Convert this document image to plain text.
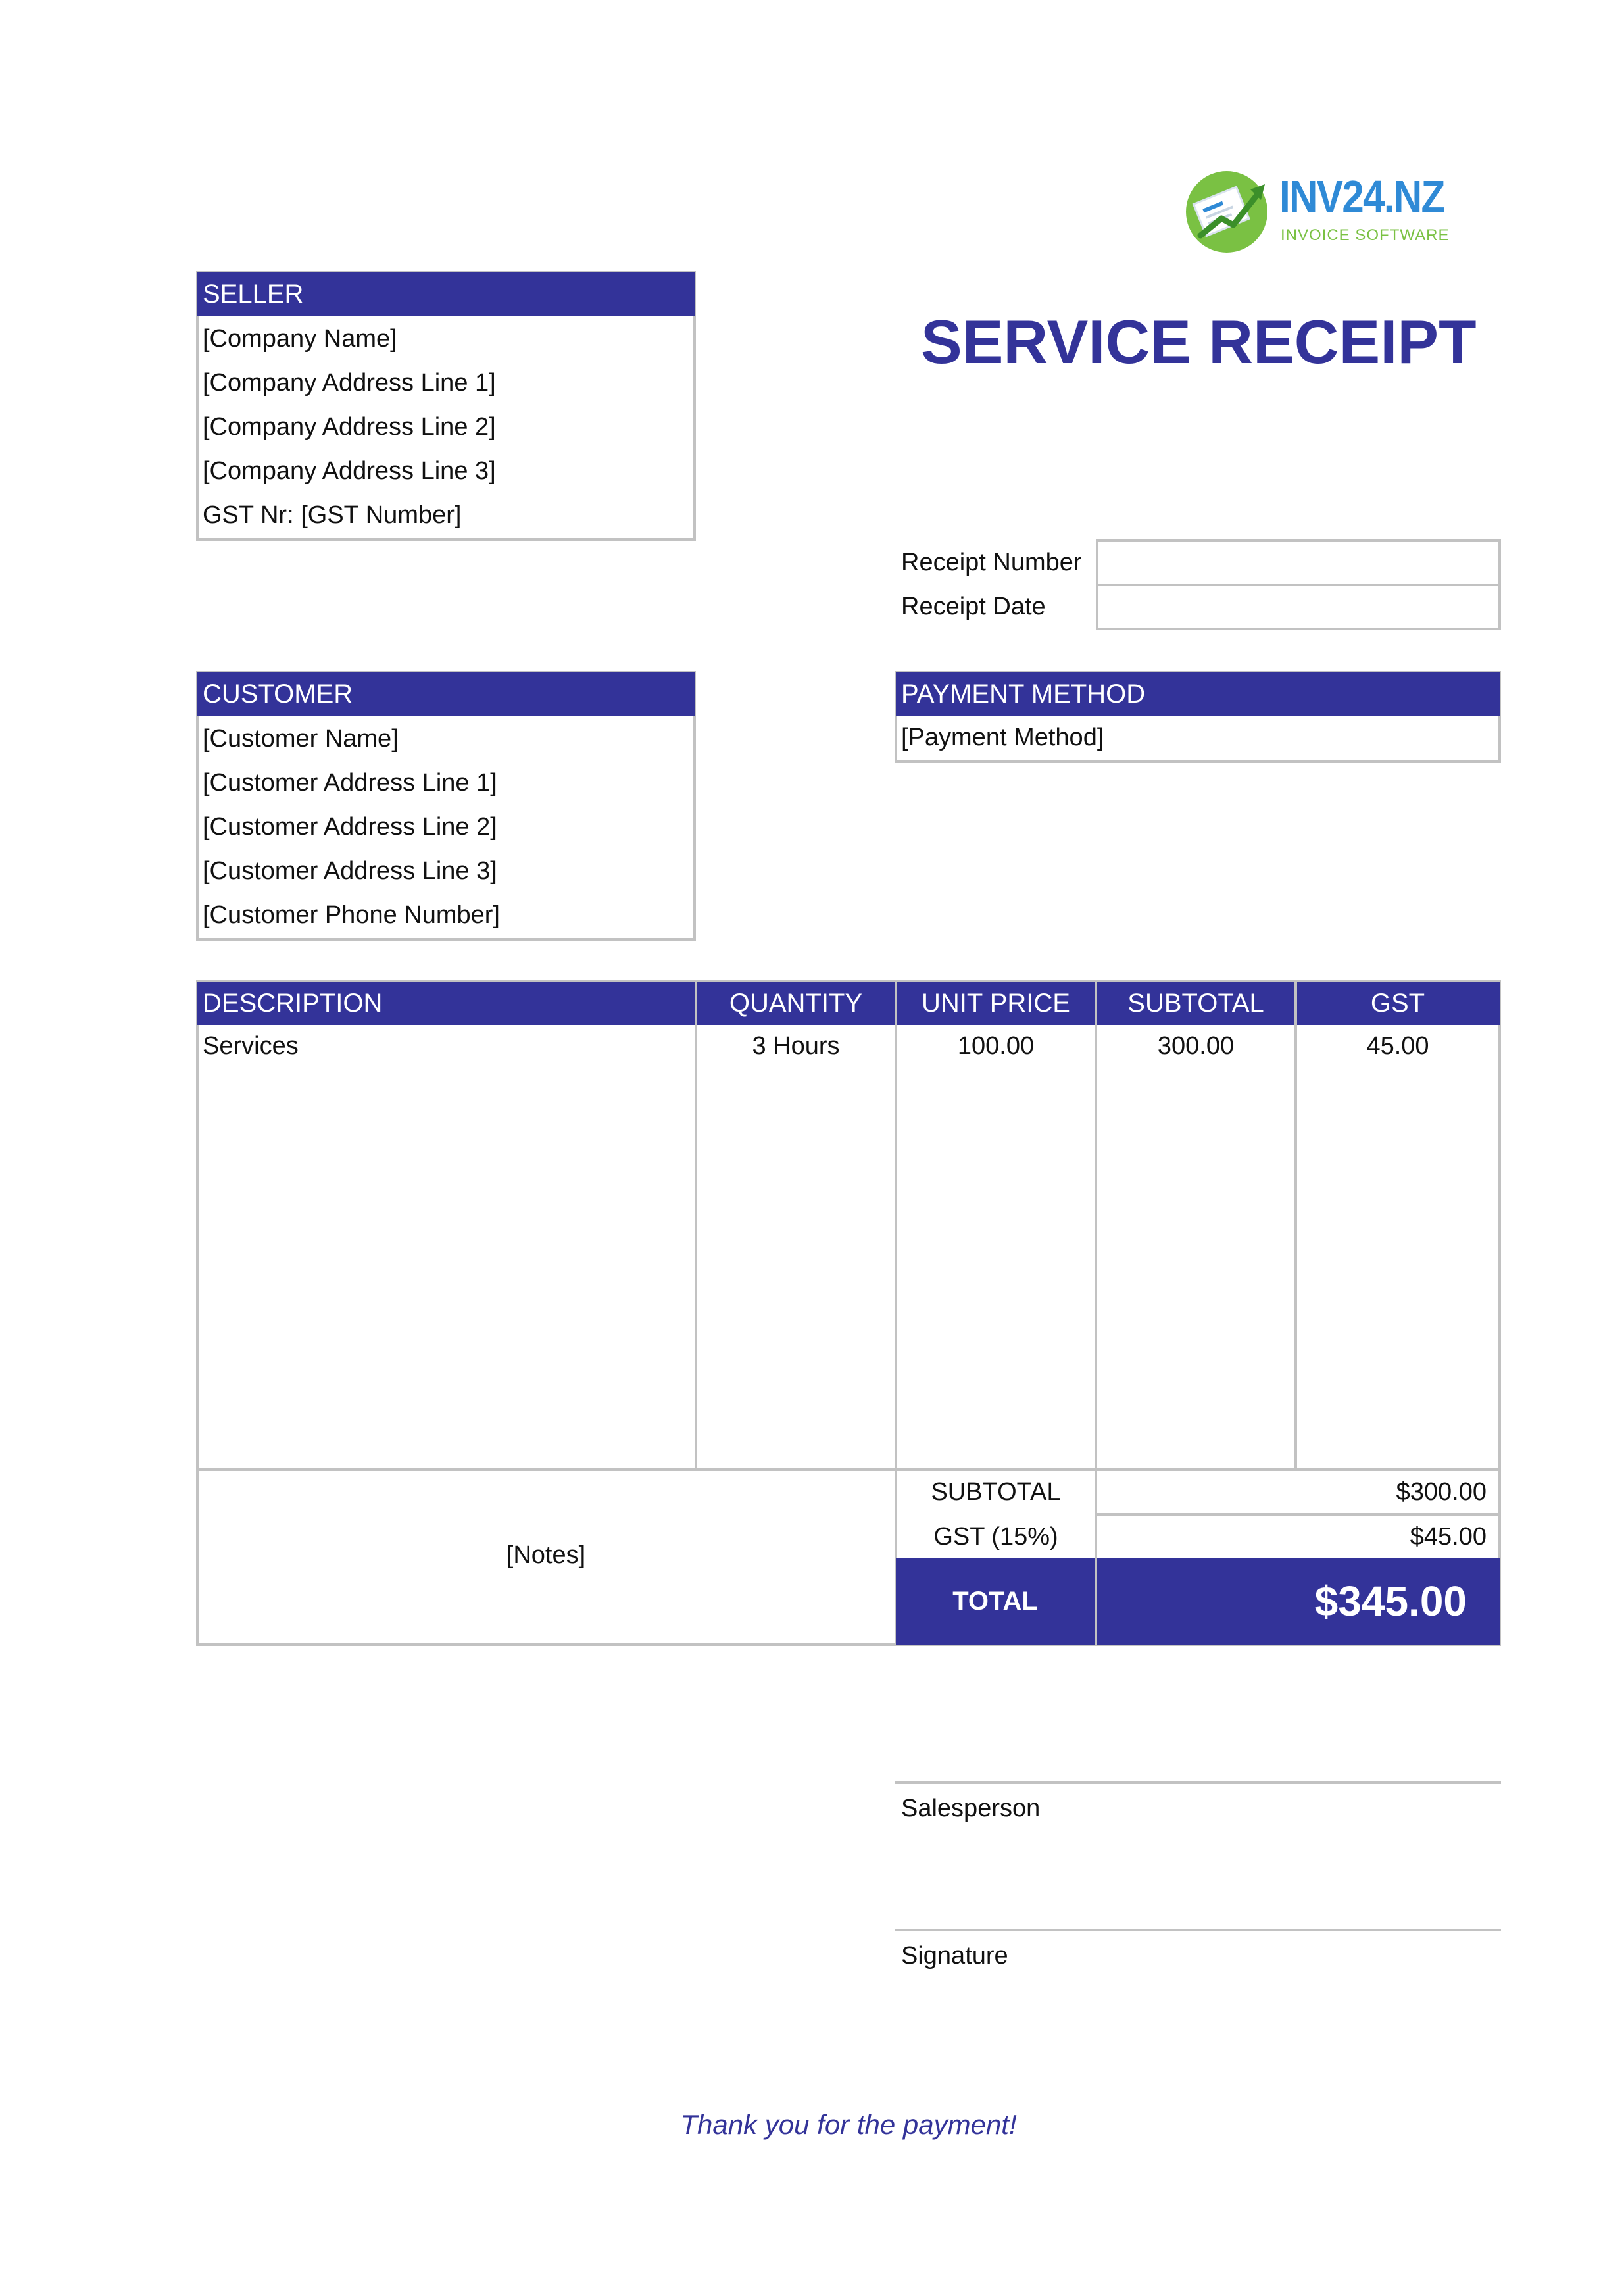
INV24.NZ
INVOICE SOFTWARE
SERVICE RECEIPT
SELLER
[Company Name]
[Company Address Line 1]
[Company Address Line 2]
[Company Address Line 3]
GST Nr: [GST Number]
Receipt Number
Receipt Date
CUSTOMER
[Customer Name]
[Customer Address Line 1]
[Customer Address Line 2]
[Customer Address Line 3]
[Customer Phone Number]
PAYMENT METHOD
[Payment Method]
DESCRIPTION	QUANTITY	UNIT PRICE	SUBTOTAL	GST
Services	3 Hours	100.00	300.00	45.00
[Notes]
SUBTOTAL	$300.00
GST (15%)	$45.00
TOTAL	$345.00
Salesperson
Signature
Thank you for the payment!
